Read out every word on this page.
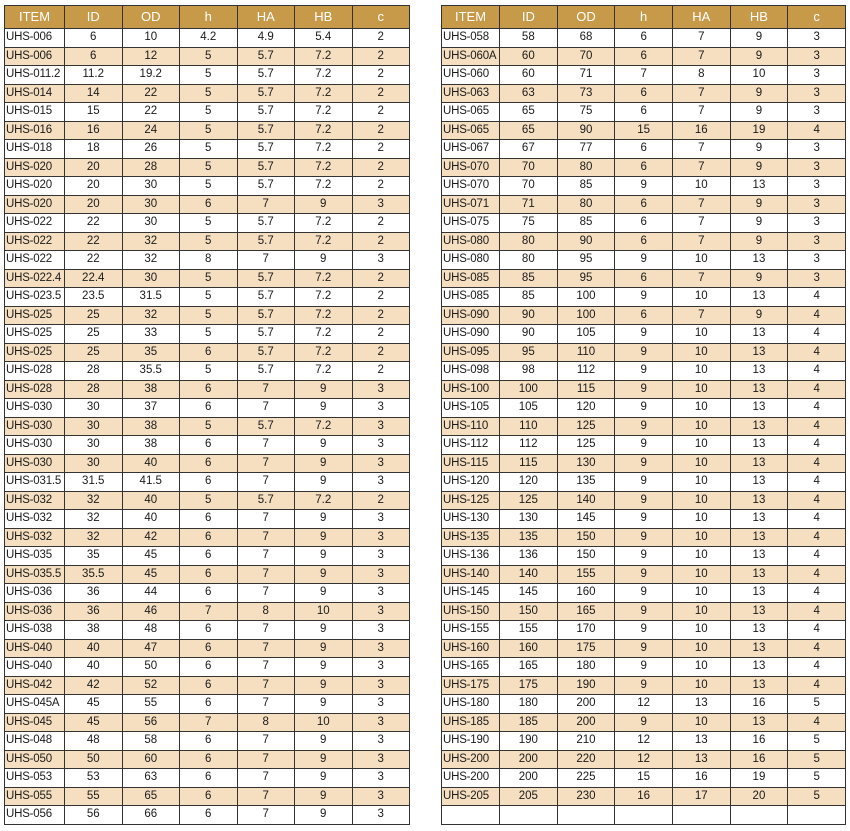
ITEM	ID	OD	h	HA	HB	c
UHS-006	6	10	4.2	4.9	5.4	2
UHS-006	6	12	5	5.7	7.2	2
UHS-011.2	11.2	19.2	5	5.7	7.2	2
UHS-014	14	22	5	5.7	7.2	2
UHS-015	15	22	5	5.7	7.2	2
UHS-016	16	24	5	5.7	7.2	2
UHS-018	18	26	5	5.7	7.2	2
UHS-020	20	28	5	5.7	7.2	2
UHS-020	20	30	5	5.7	7.2	2
UHS-020	20	30	6	7	9	3
UHS-022	22	30	5	5.7	7.2	2
UHS-022	22	32	5	5.7	7.2	2
UHS-022	22	32	8	7	9	3
UHS-022.4	22.4	30	5	5.7	7.2	2
UHS-023.5	23.5	31.5	5	5.7	7.2	2
UHS-025	25	32	5	5.7	7.2	2
UHS-025	25	33	5	5.7	7.2	2
UHS-025	25	35	6	5.7	7.2	2
UHS-028	28	35.5	5	5.7	7.2	2
UHS-028	28	38	6	7	9	3
UHS-030	30	37	6	7	9	3
UHS-030	30	38	5	5.7	7.2	3
UHS-030	30	38	6	7	9	3
UHS-030	30	40	6	7	9	3
UHS-031.5	31.5	41.5	6	7	9	3
UHS-032	32	40	5	5.7	7.2	2
UHS-032	32	40	6	7	9	3
UHS-032	32	42	6	7	9	3
UHS-035	35	45	6	7	9	3
UHS-035.5	35.5	45	6	7	9	3
UHS-036	36	44	6	7	9	3
UHS-036	36	46	7	8	10	3
UHS-038	38	48	6	7	9	3
UHS-040	40	47	6	7	9	3
UHS-040	40	50	6	7	9	3
UHS-042	42	52	6	7	9	3
UHS-045A	45	55	6	7	9	3
UHS-045	45	56	7	8	10	3
UHS-048	48	58	6	7	9	3
UHS-050	50	60	6	7	9	3
UHS-053	53	63	6	7	9	3
UHS-055	55	65	6	7	9	3
UHS-056	56	66	6	7	9	3
ITEM	ID	OD	h	HA	HB	c
UHS-058	58	68	6	7	9	3
UHS-060A	60	70	6	7	9	3
UHS-060	60	71	7	8	10	3
UHS-063	63	73	6	7	9	3
UHS-065	65	75	6	7	9	3
UHS-065	65	90	15	16	19	4
UHS-067	67	77	6	7	9	3
UHS-070	70	80	6	7	9	3
UHS-070	70	85	9	10	13	3
UHS-071	71	80	6	7	9	3
UHS-075	75	85	6	7	9	3
UHS-080	80	90	6	7	9	3
UHS-080	80	95	9	10	13	3
UHS-085	85	95	6	7	9	3
UHS-085	85	100	9	10	13	4
UHS-090	90	100	6	7	9	4
UHS-090	90	105	9	10	13	4
UHS-095	95	110	9	10	13	4
UHS-098	98	112	9	10	13	4
UHS-100	100	115	9	10	13	4
UHS-105	105	120	9	10	13	4
UHS-110	110	125	9	10	13	4
UHS-112	112	125	9	10	13	4
UHS-115	115	130	9	10	13	4
UHS-120	120	135	9	10	13	4
UHS-125	125	140	9	10	13	4
UHS-130	130	145	9	10	13	4
UHS-135	135	150	9	10	13	4
UHS-136	136	150	9	10	13	4
UHS-140	140	155	9	10	13	4
UHS-145	145	160	9	10	13	4
UHS-150	150	165	9	10	13	4
UHS-155	155	170	9	10	13	4
UHS-160	160	175	9	10	13	4
UHS-165	165	180	9	10	13	4
UHS-175	175	190	9	10	13	4
UHS-180	180	200	12	13	16	5
UHS-185	185	200	9	10	13	4
UHS-190	190	210	12	13	16	5
UHS-200	200	220	12	13	16	5
UHS-200	200	225	15	16	19	5
UHS-205	205	230	16	17	20	5
